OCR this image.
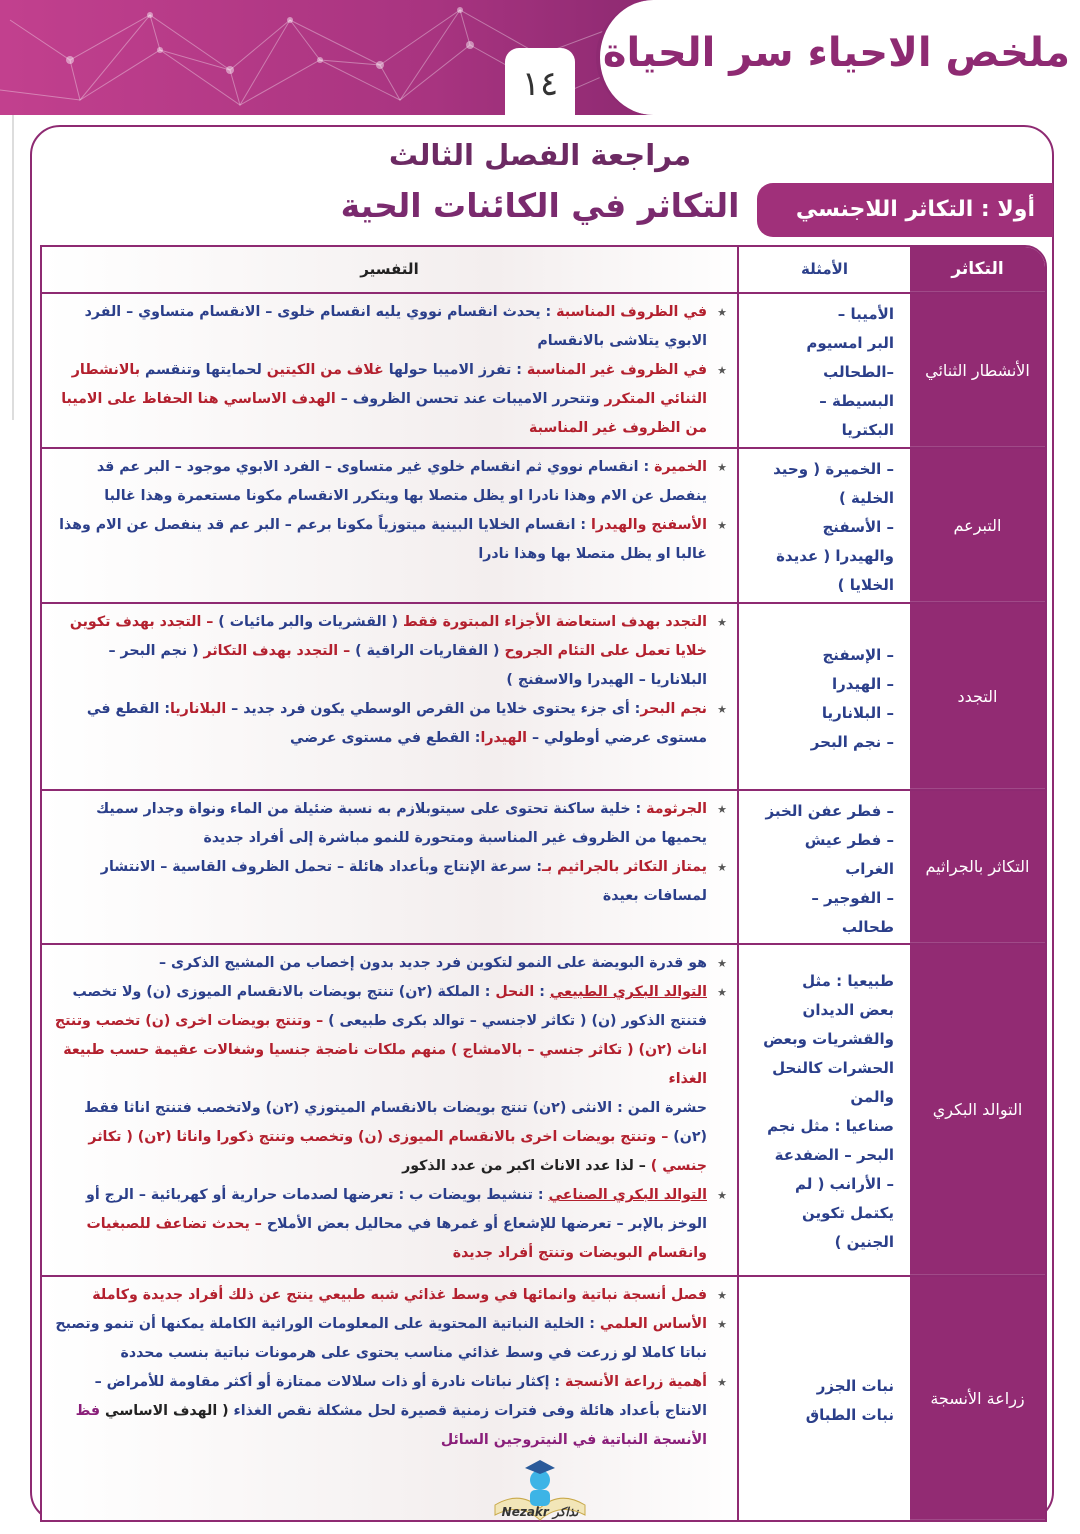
ملخص الاحياء سر الحياة
١٤
مراجعة الفصل الثالث
التكاثر في الكائنات الحية	أولا : التكاثر اللاجنسي
التكاثر
الأمثلة
التفسير
الأنشطار الثنائي
الأميبا –
البر امسيوم
–الطحالب
البسيطة –
البكتريا
★
في الظروف المناسبة : يحدث انقسام نووي يليه انقسام خلوى – الانقسام متساوي – الفرد الابوي يتلاشى بالانقسام
★
في الظروف غير المناسبة : تفرز الاميبا حولها غلاف من الكيتين لحمايتها وتنقسم بالانشطار الثنائي المتكرر وتتحرر الاميبات عند تحسن الظروف – الهدف الاساسي هنا الحفاظ على الاميبا من الظروف غير المناسبة
التبرعم
– الخميرة ( وحيد
الخلية )
– الأسفنج
والهيدرا ( عديدة
الخلايا )
★
الخميرة : انقسام نووي ثم انقسام خلوي غير متساوى – الفرد الابوي موجود – البر عم قد ينفصل عن الام وهذا نادرا او يظل متصلا بها ويتكرر الانقسام مكونا مستعمرة وهذا غالبا
★
الأسفنج والهيدرا : انقسام الخلايا البينية ميتوزياً مكونا برعم – البر عم قد ينفصل عن الام وهذا غالبا او يظل متصلا بها وهذا نادرا
التجدد
– الإسفنج
– الهيدرا
– البلاناريا
– نجم البحر
★
التجدد بهدف استعاضة الأجزاء المبتورة فقط ( القشريات والبر مائيات ) – التجدد بهدف تكوين خلايا تعمل على التئام الجروح ( الفقاريات الراقية ) – التجدد بهدف التكاثر ( نجم البحر – البلاناريا – الهيدرا والاسفنج )
★
نجم البحر: أى جزء يحتوى خلايا من القرص الوسطي يكون فرد جديد – البلاناريا: القطع في مستوى عرضي أوطولي – الهيدرا: القطع في مستوى عرضي
التكاثر بالجراثيم
– فطر عفن الخبز
– فطر عيش
الغراب
– الفوجير –
طحالب
★
الجرثومة : خلية ساكنة تحتوى على سيتوبلازم به نسبة ضئيلة من الماء ونواة وجدار سميك يحميها من الظروف غير المناسبة ومتحورة للنمو مباشرة إلى أفراد جديدة
★
يمتاز التكاثر بالجراثيم بـ: سرعة الإنتاج وبأعداد هائلة – تحمل الظروف القاسية – الانتشار لمسافات بعيدة
التوالد البكري
طبيعيا : مثل
بعض الديدان
والقشريات وبعض
الحشرات كالنحل
والمن
صناعيا : مثل نجم
البحر – الضفدعة
– الأرانب ( لم
يكتمل تكوين
الجنين )
★
هو قدرة البويضة على النمو لتكوين فرد جديد بدون إخصاب من المشيج الذكرى –
★
التوالد البكري الطبيعي : النحل : الملكة (٢ن) تنتج بويضات بالانقسام الميوزى (ن) ولا تخصب فتنتج الذكور (ن) ( تكاثر لاجنسي – توالد بكرى طبيعى ) – وتنتج بويضات اخرى (ن) تخصب وتنتج اناث (٢ن) ( تكاثر جنسي – بالامشاج ) منهم ملكات ناضجة جنسيا وشغالات عقيمة حسب طبيعة الغذاء
حشرة المن : الانثى (٢ن) تنتج بويضات بالانقسام الميتوزي (٢ن) ولاتخصب فتنتج اناثا فقط (٢ن) – وتنتج بويضات اخرى بالانقسام الميوزى (ن) وتخصب وتنتج ذكورا واناثا (٢ن) ( تكاثر جنسي ) – لذا عدد الاناث اكبر من عدد الذكور
★
التوالد البكري الصناعي : تنشيط بويضات ب : تعرضها لصدمات حرارية أو كهربائية – الرج أو الوخز بالإبر – تعرضها للإشعاع أو غمرها في محاليل بعض الأملاح – يحدث تضاعف للصبغيات وانقسام البويضات وتنتج أفراد جديدة
زراعة الأنسجة
نبات الجزر
نبات الطباق
★
فصل أنسجة نباتية وانمائها في وسط غذائي شبه طبيعي ينتج عن ذلك أفراد جديدة وكاملة
★
الأساس العلمي : الخلية النباتية المحتوية على المعلومات الوراثية الكاملة يمكنها أن تنمو وتصبح نباتا كاملا لو زرعت في وسط غذائي مناسب يحتوى على هرمونات نباتية بنسب محددة
★
أهمية زراعة الأنسجة : إكثار نباتات نادرة أو ذات سلالات ممتازة أو أكثر مقاومة للأمراض – الانتاج بأعداد هائلة وفى فترات زمنية قصيرة لحل مشكلة نقص الغذاء ( الهدف الاساسي فظ الأنسجة النباتية في النيتروجين السائل
Nezakr نذاكر
